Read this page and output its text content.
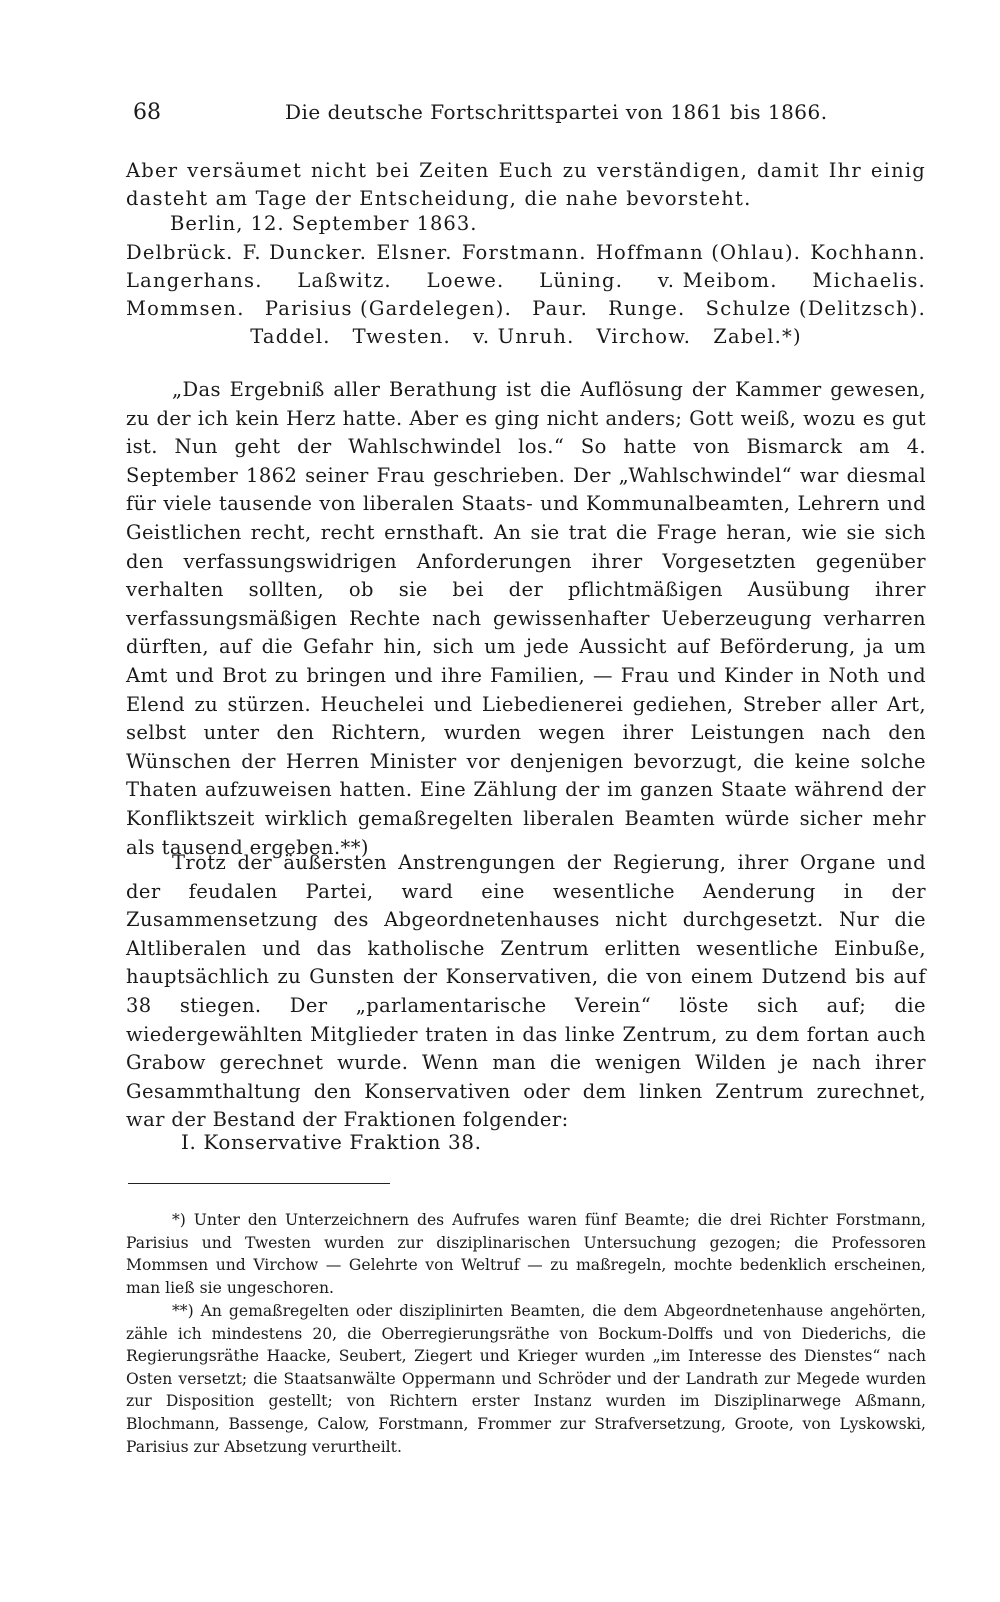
68	Die deutsche Fortschrittspartei von 1861 bis 1866.
Aber versäumet nicht bei Zeiten Euch zu verständigen, damit Ihr einig dasteht am Tage der Entscheidung, die nahe bevorsteht.
Berlin, 12. September 1863.
Delbrück. F. Duncker. Elsner. Forstmann. Hoffmann (Ohlau). Kochhann.
Langerhans. Laßwitz. Loewe. Lüning. v. Meibom. Michaelis.
Mommsen. Parisius (Gardelegen). Paur. Runge. Schulze (Delitzsch).
Taddel. Twesten. v. Unruh. Virchow. Zabel.*)
„Das Ergebniß aller Berathung ist die Auflösung der Kammer gewesen, zu der ich kein Herz hatte. Aber es ging nicht anders; Gott weiß, wozu es gut ist. Nun geht der Wahlschwindel los.“ So hatte von Bismarck am 4. September 1862 seiner Frau geschrieben. Der „Wahlschwindel“ war diesmal für viele tausende von liberalen Staats- und Kommunalbeamten, Lehrern und Geistlichen recht, recht ernsthaft. An sie trat die Frage heran, wie sie sich den verfassungswidrigen Anforderungen ihrer Vorgesetzten gegenüber verhalten sollten, ob sie bei der pflichtmäßigen Ausübung ihrer verfassungsmäßigen Rechte nach gewissenhafter Ueberzeugung verharren dürften, auf die Gefahr hin, sich um jede Aussicht auf Beförderung, ja um Amt und Brot zu bringen und ihre Familien, — Frau und Kinder in Noth und Elend zu stürzen. Heuchelei und Liebedienerei gediehen, Streber aller Art, selbst unter den Richtern, wurden wegen ihrer Leistungen nach den Wünschen der Herren Minister vor denjenigen bevorzugt, die keine solche Thaten aufzuweisen hatten. Eine Zählung der im ganzen Staate während der Konfliktszeit wirklich gemaßregelten liberalen Beamten würde sicher mehr als tausend ergeben.**)
Trotz der äußersten Anstrengungen der Regierung, ihrer Organe und der feudalen Partei, ward eine wesentliche Aenderung in der Zusammensetzung des Abgeordnetenhauses nicht durchgesetzt. Nur die Altliberalen und das katholische Zentrum erlitten wesentliche Einbuße, hauptsächlich zu Gunsten der Konservativen, die von einem Dutzend bis auf 38 stiegen. Der „parlamentarische Verein“ löste sich auf; die wiedergewählten Mitglieder traten in das linke Zentrum, zu dem fortan auch Grabow gerechnet wurde. Wenn man die wenigen Wilden je nach ihrer Gesammthaltung den Konservativen oder dem linken Zentrum zurechnet, war der Bestand der Fraktionen folgender:
I. Konservative Fraktion 38.
*) Unter den Unterzeichnern des Aufrufes waren fünf Beamte; die drei Richter Forstmann, Parisius und Twesten wurden zur disziplinarischen Untersuchung gezogen; die Professoren Mommsen und Virchow — Gelehrte von Weltruf — zu maßregeln, mochte bedenklich erscheinen, man ließ sie ungeschoren.
**) An gemaßregelten oder disziplinirten Beamten, die dem Abgeordnetenhause angehörten, zähle ich mindestens 20, die Oberregierungsräthe von Bockum-Dolffs und von Diederichs, die Regierungsräthe Haacke, Seubert, Ziegert und Krieger wurden „im Interesse des Dienstes“ nach Osten versetzt; die Staatsanwälte Oppermann und Schröder und der Landrath zur Megede wurden zur Disposition gestellt; von Richtern erster Instanz wurden im Disziplinarwege Aßmann, Blochmann, Bassenge, Calow, Forstmann, Frommer zur Strafversetzung, Groote, von Lyskowski, Parisius zur Absetzung verurtheilt.
